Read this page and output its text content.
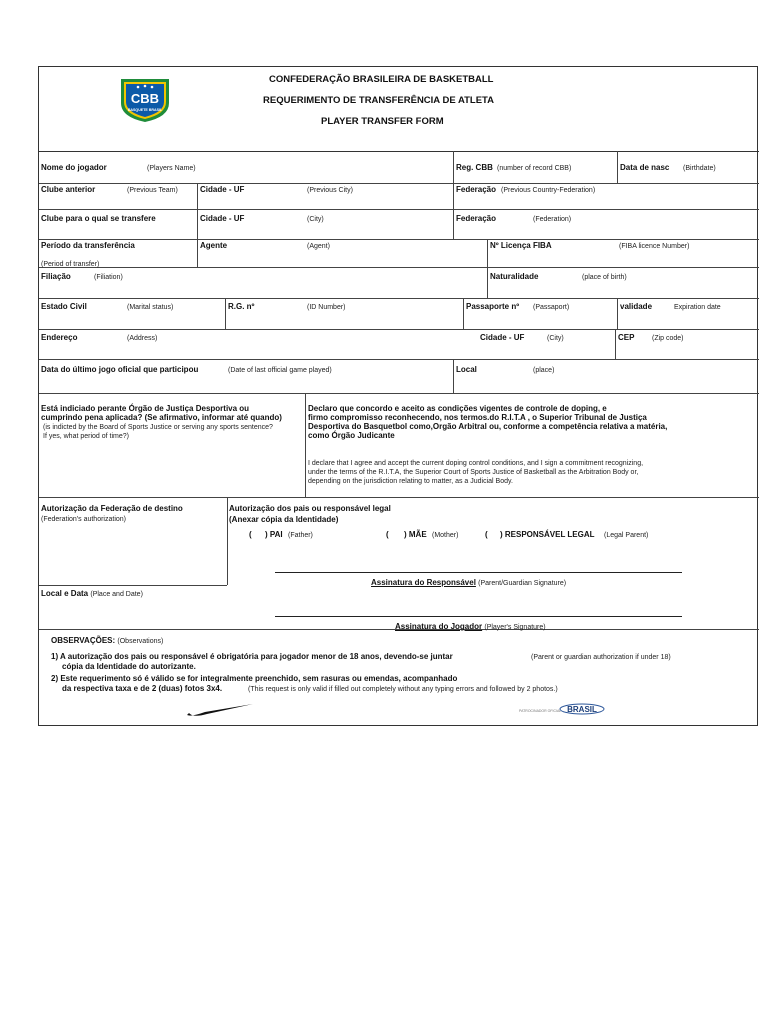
CBB
BASQUETE BRASIL
CONFEDERAÇÃO BRASILEIRA DE BASKETBALL
REQUERIMENTO DE TRANSFERÊNCIA DE ATLETA
PLAYER TRANSFER FORM
Nome do jogador	(Players Name)	Reg. CBB (number of record CBB)	Data de nasc (Birthdate)
Clube anterior	(Previous Team)	Cidade - UF	(Previous City)	Federação (Previous Country-Federation)
Clube para o qual se transfere	Cidade - UF	(City)	Federação	(Federation)
Período da transferência	Agente	(Agent)	Nº Licença FIBA	(FIBA licence Number)
(Period of transfer)
Filiação	(Filiation)	Naturalidade	(place of birth)
Estado Civil	(Marital status)	R.G. nº	(ID Number)	Passaporte nº (Passaport)	validade	Expiration date
Endereço	(Address)	Cidade - UF	(City)	CEP	(Zip code)
Data do último jogo oficial que participou	(Date of last official game played)	Local	(place)
Está indiciado perante Órgão de Justiça Desportiva ou
cumprindo pena aplicada? (Se afirmativo, informar até quando)
(is indicted by the Board of Sports Justice or serving any sports sentence?
If yes, what period of time?)
Declaro que concordo e aceito as condições vigentes de controle de doping, e
firmo compromisso reconhecendo, nos termos.do R.I.T.A , o Superior Tribunal de Justiça
Desportiva do Basquetbol como,Orgão Arbitral ou, conforme a competência relativa a matéria,
como Órgão Judicante
I declare that I agree and accept the current doping control conditions, and I sign a commitment recognizing,
under the terms of the R.I.T.A, the Superior Court of Sports Justice of Basketball as the Arbitration Body or,
depending on the jurisdiction relating to matter, as a Judicial Body.
Autorização da Federação de destino
(Federation's authorization)
Autorização dos pais ou responsável legal
(Anexar cópia da Identidade)
( ) PAI (Father)	( ) MÃE (Mother)	( ) RESPONSÁVEL LEGAL (Legal Parent)
Assinatura do Responsável (Parent/Guardian Signature)
Local e Data (Place and Date)
Assinatura do Jogador (Player's Signature)
OBSERVAÇÕES: (Observations)
1) A autorização dos pais ou responsável é obrigatória para jogador menor de 18 anos, devendo-se juntar
cópia da Identidade do autorizante.
(Parent or guardian authorization if under 18)
2) Este requerimento só é válido se for integralmente preenchido, sem rasuras ou emendas, acompanhado
da respectiva taxa e de 2 (duas) fotos 3x4.	(This request is only valid if filled out completely without any typing errors and followed by 2 photos.)
PATROCINADOR OFICIAL BRASIL
